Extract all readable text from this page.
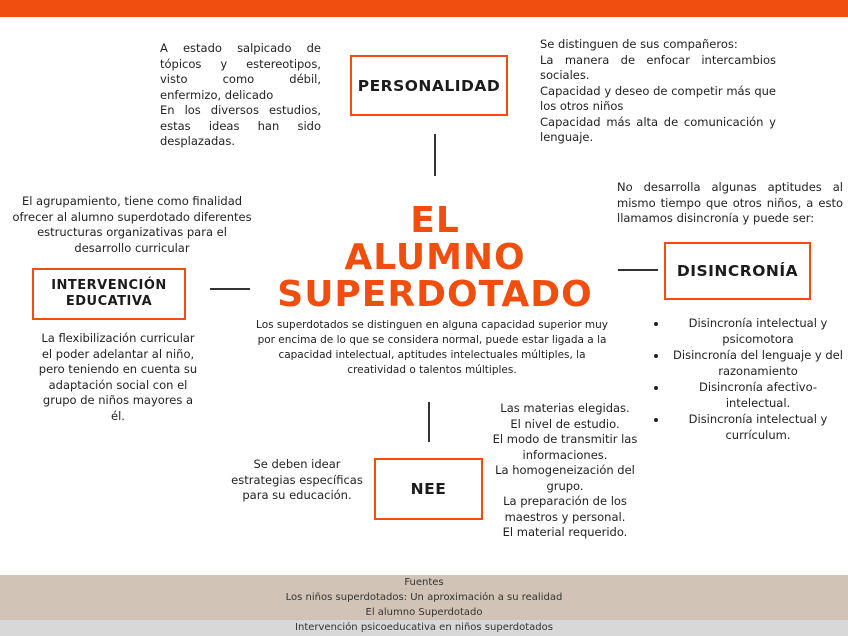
A estado salpicado de tópicos y estereotipos, visto como débil, enfermizo, delicado
En los diversos estudios, estas ideas han sido desplazadas.
PERSONALIDAD
Se distinguen de sus compañeros:
La manera de enfocar intercambios sociales.
Capacidad y deseo de competir más que los otros niños
Capacidad más alta de comunicación y lenguaje.
El agrupamiento, tiene como finalidad ofrecer al alumno superdotado diferentes estructuras organizativas para el desarrollo curricular
INTERVENCIÓN EDUCATIVA
La flexibilización curricular el poder adelantar al niño, pero teniendo en cuenta su adaptación social con el grupo de niños mayores a él.
EL
ALUMNO
SUPERDOTADO
Los superdotados se distinguen en alguna capacidad superior muy por encima de lo que se considera normal, puede estar ligada a la capacidad intelectual, aptitudes intelectuales múltiples, la creatividad o talentos múltiples.
No desarrolla algunas aptitudes al mismo tiempo que otros niños, a esto llamamos disincronía y puede ser:
DISINCRONÍA
• Disincronía intelectual y psicomotora
• Disincronía del lenguaje y del razonamiento
• Disincronía afectivo-intelectual.
• Disincronía intelectual y currículum.
Se deben idear estrategias específicas para su educación.	NEE
Las materias elegidas.
El nivel de estudio.
El modo de transmitir las informaciones.
La homogeneización del grupo.
La preparación de los maestros y personal.
El material requerido.
Fuentes
Los niños superdotados: Un aproximación a su realidad
El alumno Superdotado
Intervención psicoeducativa en niños superdotados
